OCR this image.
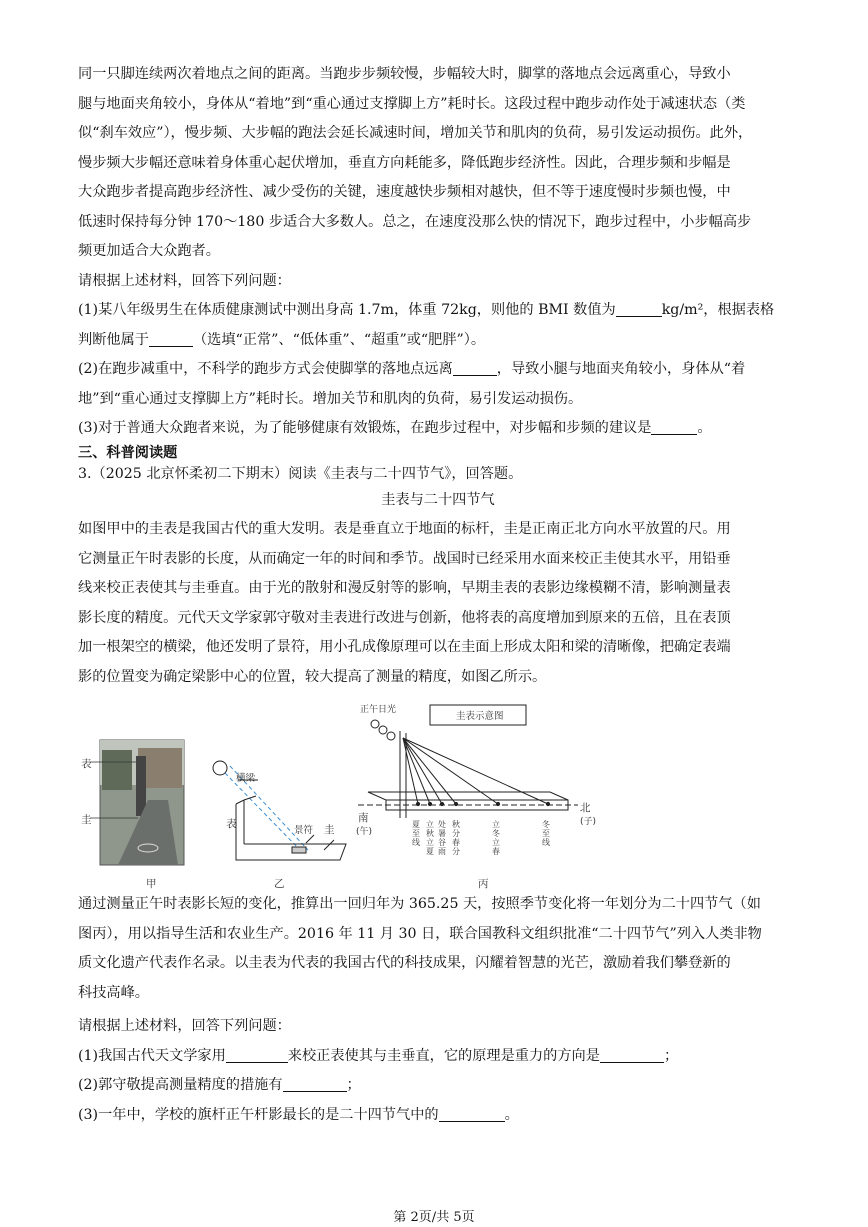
同一只脚连续两次着地点之间的距离。当跑步步频较慢，步幅较大时，脚掌的落地点会远离重心，导致小
腿与地面夹角较小，身体从“着地”到“重心通过支撑脚上方”耗时长。这段过程中跑步动作处于减速状态（类
似“刹车效应”），慢步频、大步幅的跑法会延长减速时间，增加关节和肌肉的负荷，易引发运动损伤。此外，
慢步频大步幅还意味着身体重心起伏增加，垂直方向耗能多，降低跑步经济性。因此，合理步频和步幅是
大众跑步者提高跑步经济性、减少受伤的关键，速度越快步频相对越快，但不等于速度慢时步频也慢，中
低速时保持每分钟 170～180 步适合大多数人。总之，在速度没那么快的情况下，跑步过程中，小步幅高步
频更加适合大众跑者。
请根据上述材料，回答下列问题：
(1)某八年级男生在体质健康测试中测出身高 1.7m，体重 72kg，则他的 BMI 数值为	kg/m²，根据表格
判断他属于	（选填“正常”、“低体重”、“超重”或“肥胖”）。
(2)在跑步减重中，不科学的跑步方式会使脚掌的落地点远离	，导致小腿与地面夹角较小，身体从“着
地”到“重心通过支撑脚上方”耗时长。增加关节和肌肉的负荷，易引发运动损伤。
(3)对于普通大众跑者来说，为了能够健康有效锻炼，在跑步过程中，对步幅和步频的建议是	。
三、科普阅读题
3.（2025 北京怀柔初二下期末）阅读《圭表与二十四节气》，回答题。
圭表与二十四节气
如图甲中的圭表是我国古代的重大发明。表是垂直立于地面的标杆，圭是正南正北方向水平放置的尺。用
它测量正午时表影的长度，从而确定一年的时间和季节。战国时已经采用水面来校正圭使其水平，用铅垂
线来校正表使其与圭垂直。由于光的散射和漫反射等的影响，早期圭表的表影边缘模糊不清，影响测量表
影长度的精度。元代天文学家郭守敬对圭表进行改进与创新，他将表的高度增加到原来的五倍，且在表顶
加一根架空的横梁，他还发明了景符，用小孔成像原理可以在圭面上形成太阳和梁的清晰像，把确定表端
影的位置变为确定梁影中心的位置，较大提高了测量的精度，如图乙所示。
表
圭
甲
横梁
表
景符 圭
乙
正午日光
圭表示意图
南
(午)
北
(子)
夏至线
立秋立夏
处暑谷雨
秋分春分
立冬立春
冬至线
丙
通过测量正午时表影长短的变化，推算出一回归年为 365.25 天，按照季节变化将一年划分为二十四节气（如
图丙），用以指导生活和农业生产。2016 年 11 月 30 日，联合国教科文组织批准“二十四节气”列入人类非物
质文化遗产代表作名录。以圭表为代表的我国古代的科技成果，闪耀着智慧的光芒，激励着我们攀登新的
科技高峰。
请根据上述材料，回答下列问题：
(1)我国古代天文学家用	来校正表使其与圭垂直，它的原理是重力的方向是	；
(2)郭守敬提高测量精度的措施有	；
(3)一年中，学校的旗杆正午杆影最长的是二十四节气中的	。
第 2页/共 5页
